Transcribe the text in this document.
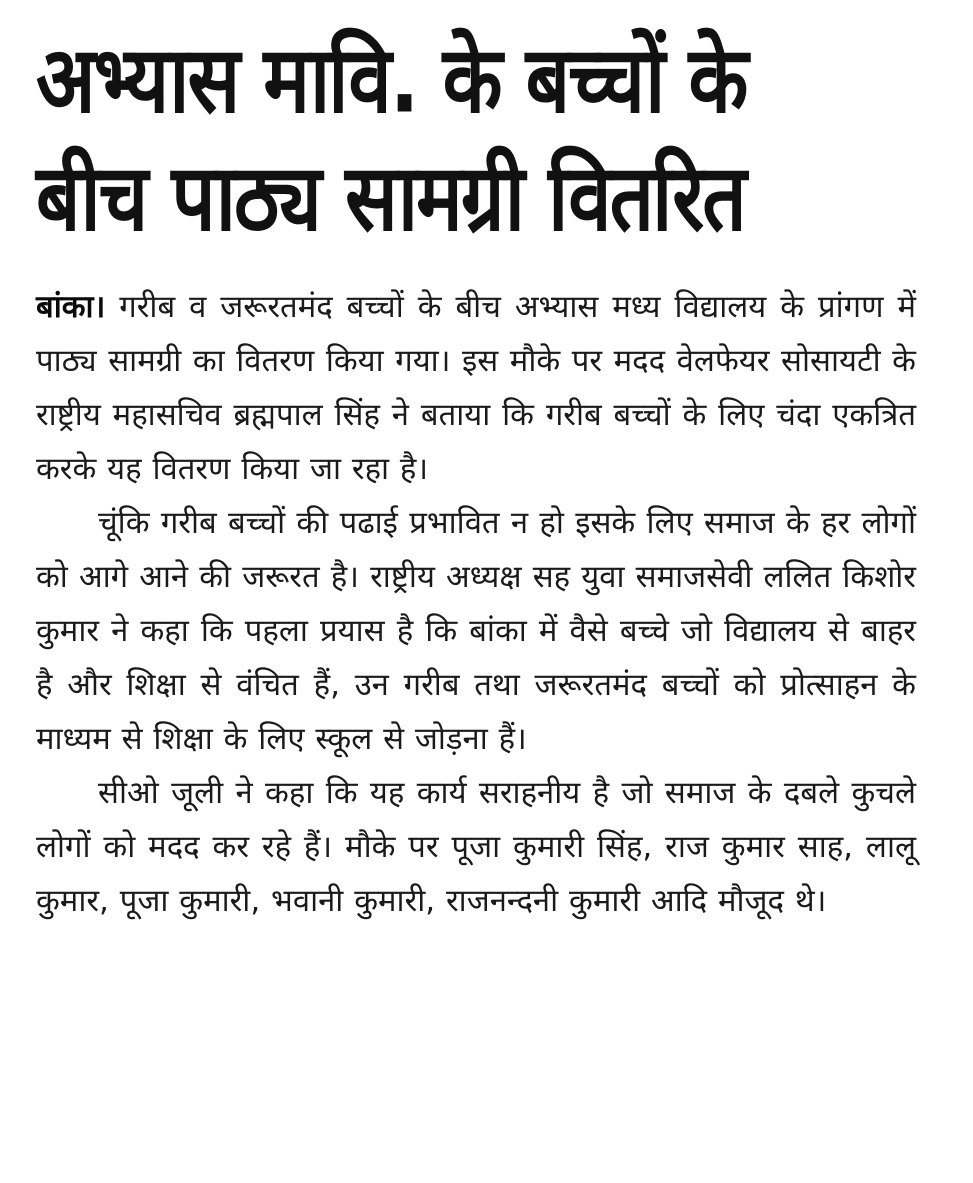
अभ्यास मावि. के बच्चों के
बीच पाठ्य सामग्री वितरित

बांका। गरीब व जरूरतमंद बच्चों के बीच अभ्यास मध्य विद्यालय के प्रांगण में पाठ्य सामग्री का वितरण किया गया। इस मौके पर मदद वेलफेयर सोसायटी के राष्ट्रीय महासचिव ब्रह्मपाल सिंह ने बताया कि गरीब बच्चों के लिए चंदा एकत्रित करके यह वितरण किया जा रहा है।

चूंकि गरीब बच्चों की पढाई प्रभावित न हो इसके लिए समाज के हर लोगों को आगे आने की जरूरत है। राष्ट्रीय अध्यक्ष सह युवा समाजसेवी ललित किशोर कुमार ने कहा कि पहला प्रयास है कि बांका में वैसे बच्चे जो विद्यालय से बाहर है और शिक्षा से वंचित हैं, उन गरीब तथा जरूरतमंद बच्चों को प्रोत्साहन के माध्यम से शिक्षा के लिए स्कूल से जोड़ना हैं।

सीओ जूली ने कहा कि यह कार्य सराहनीय है जो समाज के दबले कुचले लोगों को मदद कर रहे हैं। मौके पर पूजा कुमारी सिंह, राज कुमार साह, लालू कुमार, पूजा कुमारी, भवानी कुमारी, राजनन्दनी कुमारी आदि मौजूद थे।
